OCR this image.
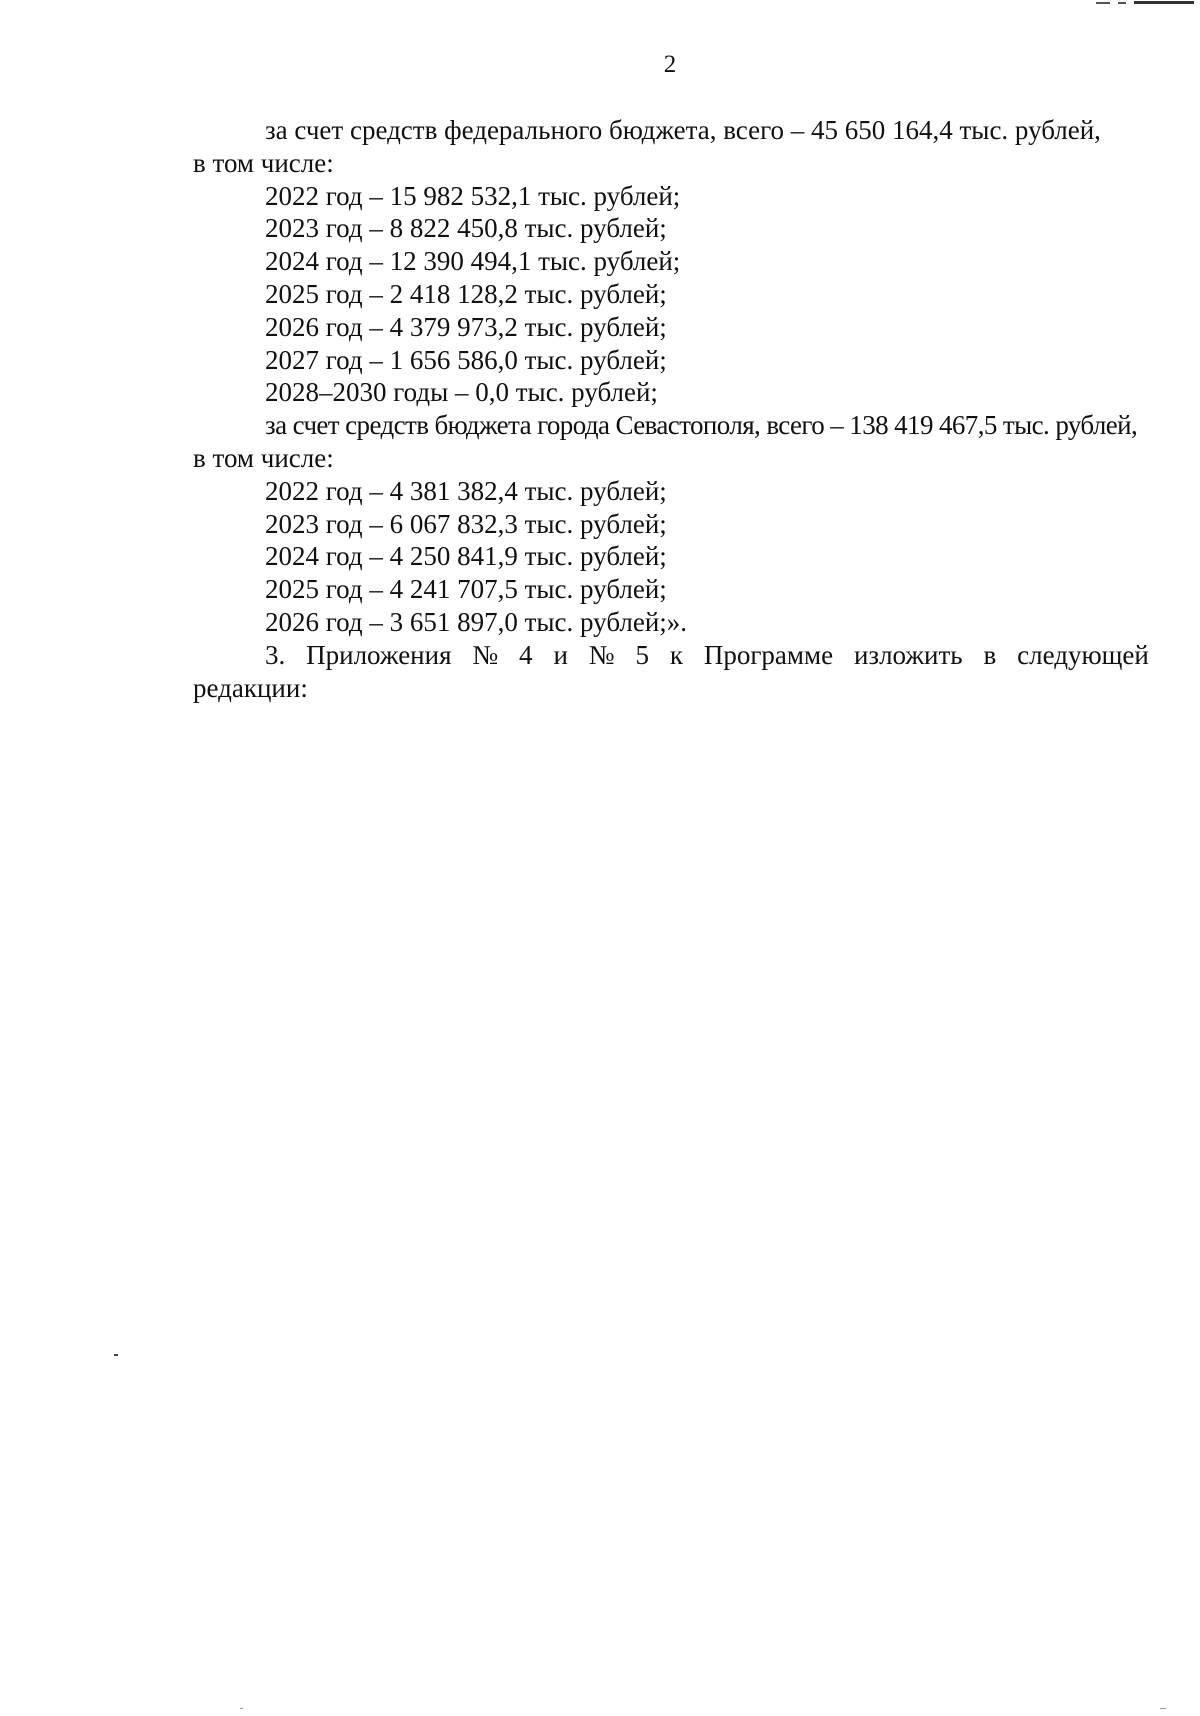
2
за счет средств федерального бюджета, всего – 45 650 164,4 тыс. рублей,
в том числе:
2022 год – 15 982 532,1 тыс. рублей;
2023 год – 8 822 450,8 тыс. рублей;
2024 год – 12 390 494,1 тыс. рублей;
2025 год – 2 418 128,2 тыс. рублей;
2026 год – 4 379 973,2 тыс. рублей;
2027 год – 1 656 586,0 тыс. рублей;
2028–2030 годы – 0,0 тыс. рублей;
за счет средств бюджета города Севастополя, всего – 138 419 467,5 тыс. рублей,
в том числе:
2022 год – 4 381 382,4 тыс. рублей;
2023 год – 6 067 832,3 тыс. рублей;
2024 год – 4 250 841,9 тыс. рублей;
2025 год – 4 241 707,5 тыс. рублей;
2026 год – 3 651 897,0 тыс. рублей;».
3. Приложения № 4 и № 5 к Программе изложить в следующей
редакции:
